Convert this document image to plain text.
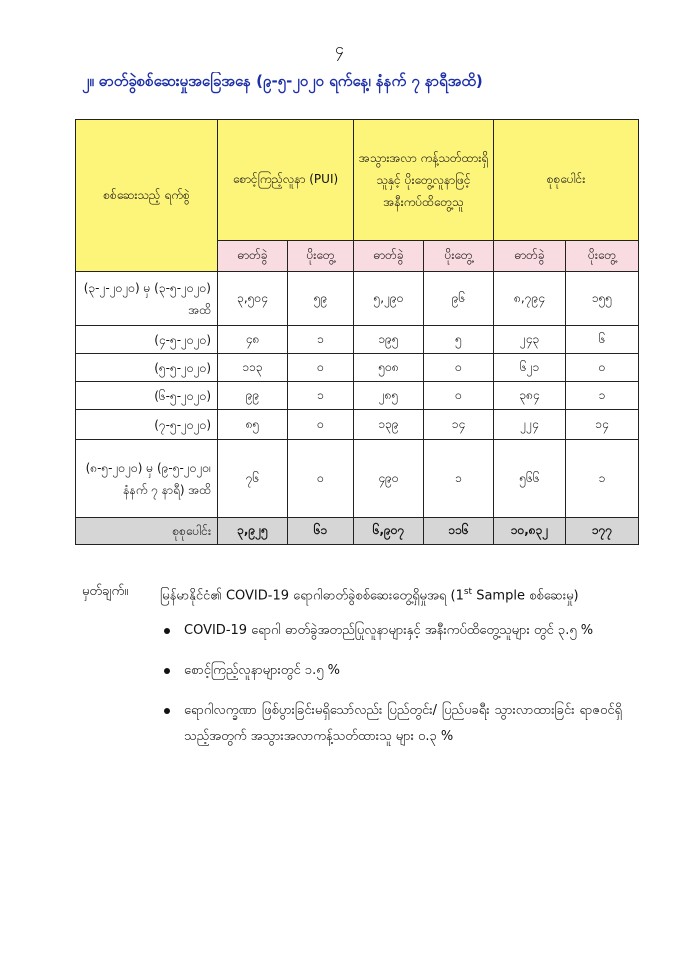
၄
၂။ ဓာတ်ခွဲစစ်ဆေးမှုအခြေအနေ (၉-၅-၂၀၂၀ ရက်နေ့၊ နံနက် ၇ နာရီအထိ)
စစ်ဆေးသည့် ရက်စွဲ	စောင့်ကြည့်လူနာ (PUI)		အသွားအလာ ကန့်သတ်ထားရှိသူနှင့် ပိုးတွေ့လူနာဖြင့် အနီးကပ်ထိတွေ့သူ		စုစုပေါင်း	
	ဓာတ်ခွဲ	ပိုးတွေ့	ဓာတ်ခွဲ	ပိုးတွေ့	ဓာတ်ခွဲ	ပိုးတွေ့
(၃-၂-၂၀၂၀) မှ (၃-၅-၂၀၂၀) အထိ	၃,၅၀၄	၅၉	၅,၂၉၀	၉၆	၈,၇၉၄	၁၅၅
(၄-၅-၂၀၂၀)	၄၈	၁	၁၉၅	၅	၂၄၃	၆
(၅-၅-၂၀၂၀)	၁၁၃	၀	၅၀၈	၀	၆၂၁	၀
(၆-၅-၂၀၂၀)	၉၉	၁	၂၈၅	၀	၃၈၄	၁
(၇-၅-၂၀၂၀)	၈၅	၀	၁၃၉	၁၄	၂၂၄	၁၄
(၈-၅-၂၀၂၀) မှ (၉-၅-၂၀၂၀၊ နံနက် ၇ နာရီ) အထိ	၇၆	၀	၄၉၀	၁	၅၆၆	၁
စုစုပေါင်း	၃,၉၂၅	၆၁	၆,၉၀၇	၁၁၆	၁၀,၈၃၂	၁၇၇
မှတ်ချက်။	မြန်မာနိုင်ငံ၏ COVID-19 ရောဂါဓာတ်ခွဲစစ်ဆေးတွေ့ရှိမှုအရ (1st Sample စစ်ဆေးမှု)
COVID-19 ရောဂါ ဓာတ်ခွဲအတည်ပြုလူနာများနှင့် အနီးကပ်ထိတွေ့သူများ တွင် ၃.၅ %
စောင့်ကြည့်လူနာများတွင် ၁.၅ %
ရောဂါလက္ခဏာ ဖြစ်ပွားခြင်းမရှိသော်လည်း ပြည်တွင်း/ ပြည်ပခရီး သွားလာထားခြင်း ရာဇဝင်ရှိသည့်အတွက် အသွားအလာကန့်သတ်ထားသူ များ ၀.၃ %
